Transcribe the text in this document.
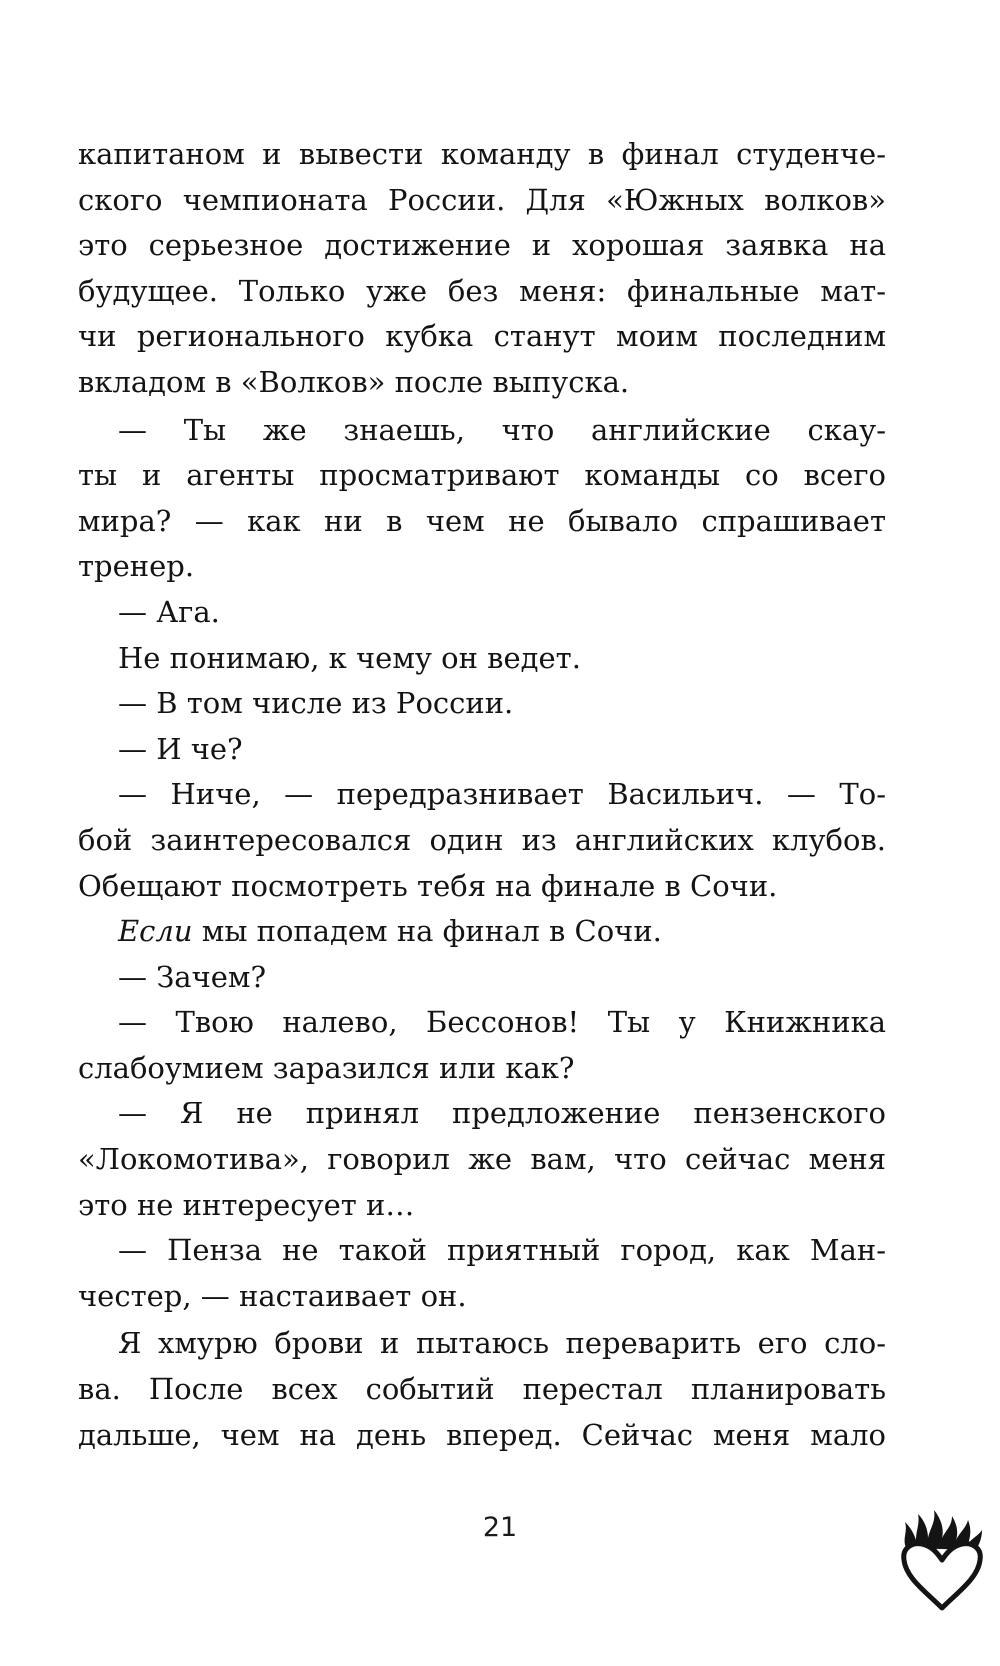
капитаном и вывести команду в финал студенче-
ского чемпионата России. Для «Южных волков»
это серьезное достижение и хорошая заявка на
будущее. Только уже без меня: финальные мат-
чи регионального кубка станут моим последним
вкладом в «Волков» после выпуска.
— Ты же знаешь, что английские скау-
ты и агенты просматривают команды со всего
мира? — как ни в чем не бывало спрашивает
тренер.
— Ага.
Не понимаю, к чему он ведет.
— В том числе из России.
— И че?
— Ниче, — передразнивает Васильич. — То-
бой заинтересовался один из английских клубов.
Обещают посмотреть тебя на финале в Сочи.
Если мы попадем на финал в Сочи.
— Зачем?
— Твою налево, Бессонов! Ты у Книжника
слабоумием заразился или как?
— Я не принял предложение пензенского
«Локомотива», говорил же вам, что сейчас меня
это не интересует и…
— Пенза не такой приятный город, как Ман-
честер, — настаивает он.
Я хмурю брови и пытаюсь переварить его сло-
ва. После всех событий перестал планировать
дальше, чем на день вперед. Сейчас меня мало
21
